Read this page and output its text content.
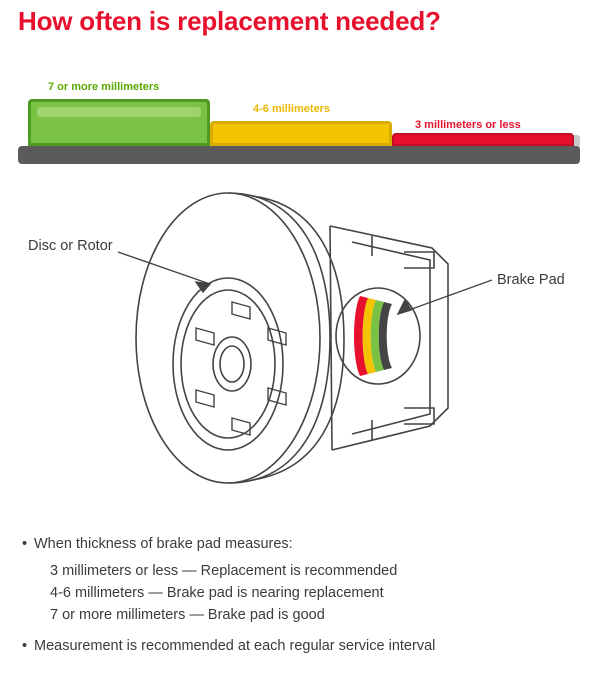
How often is replacement needed?
7 or more millimeters
4-6 millimeters
3 millimeters or less
Disc or Rotor
Brake Pad
• When thickness of brake pad measures:
3 millimeters or less — Replacement is recommended
4-6 millimeters — Brake pad is nearing replacement
7 or more millimeters — Brake pad is good
• Measurement is recommended at each regular service interval
